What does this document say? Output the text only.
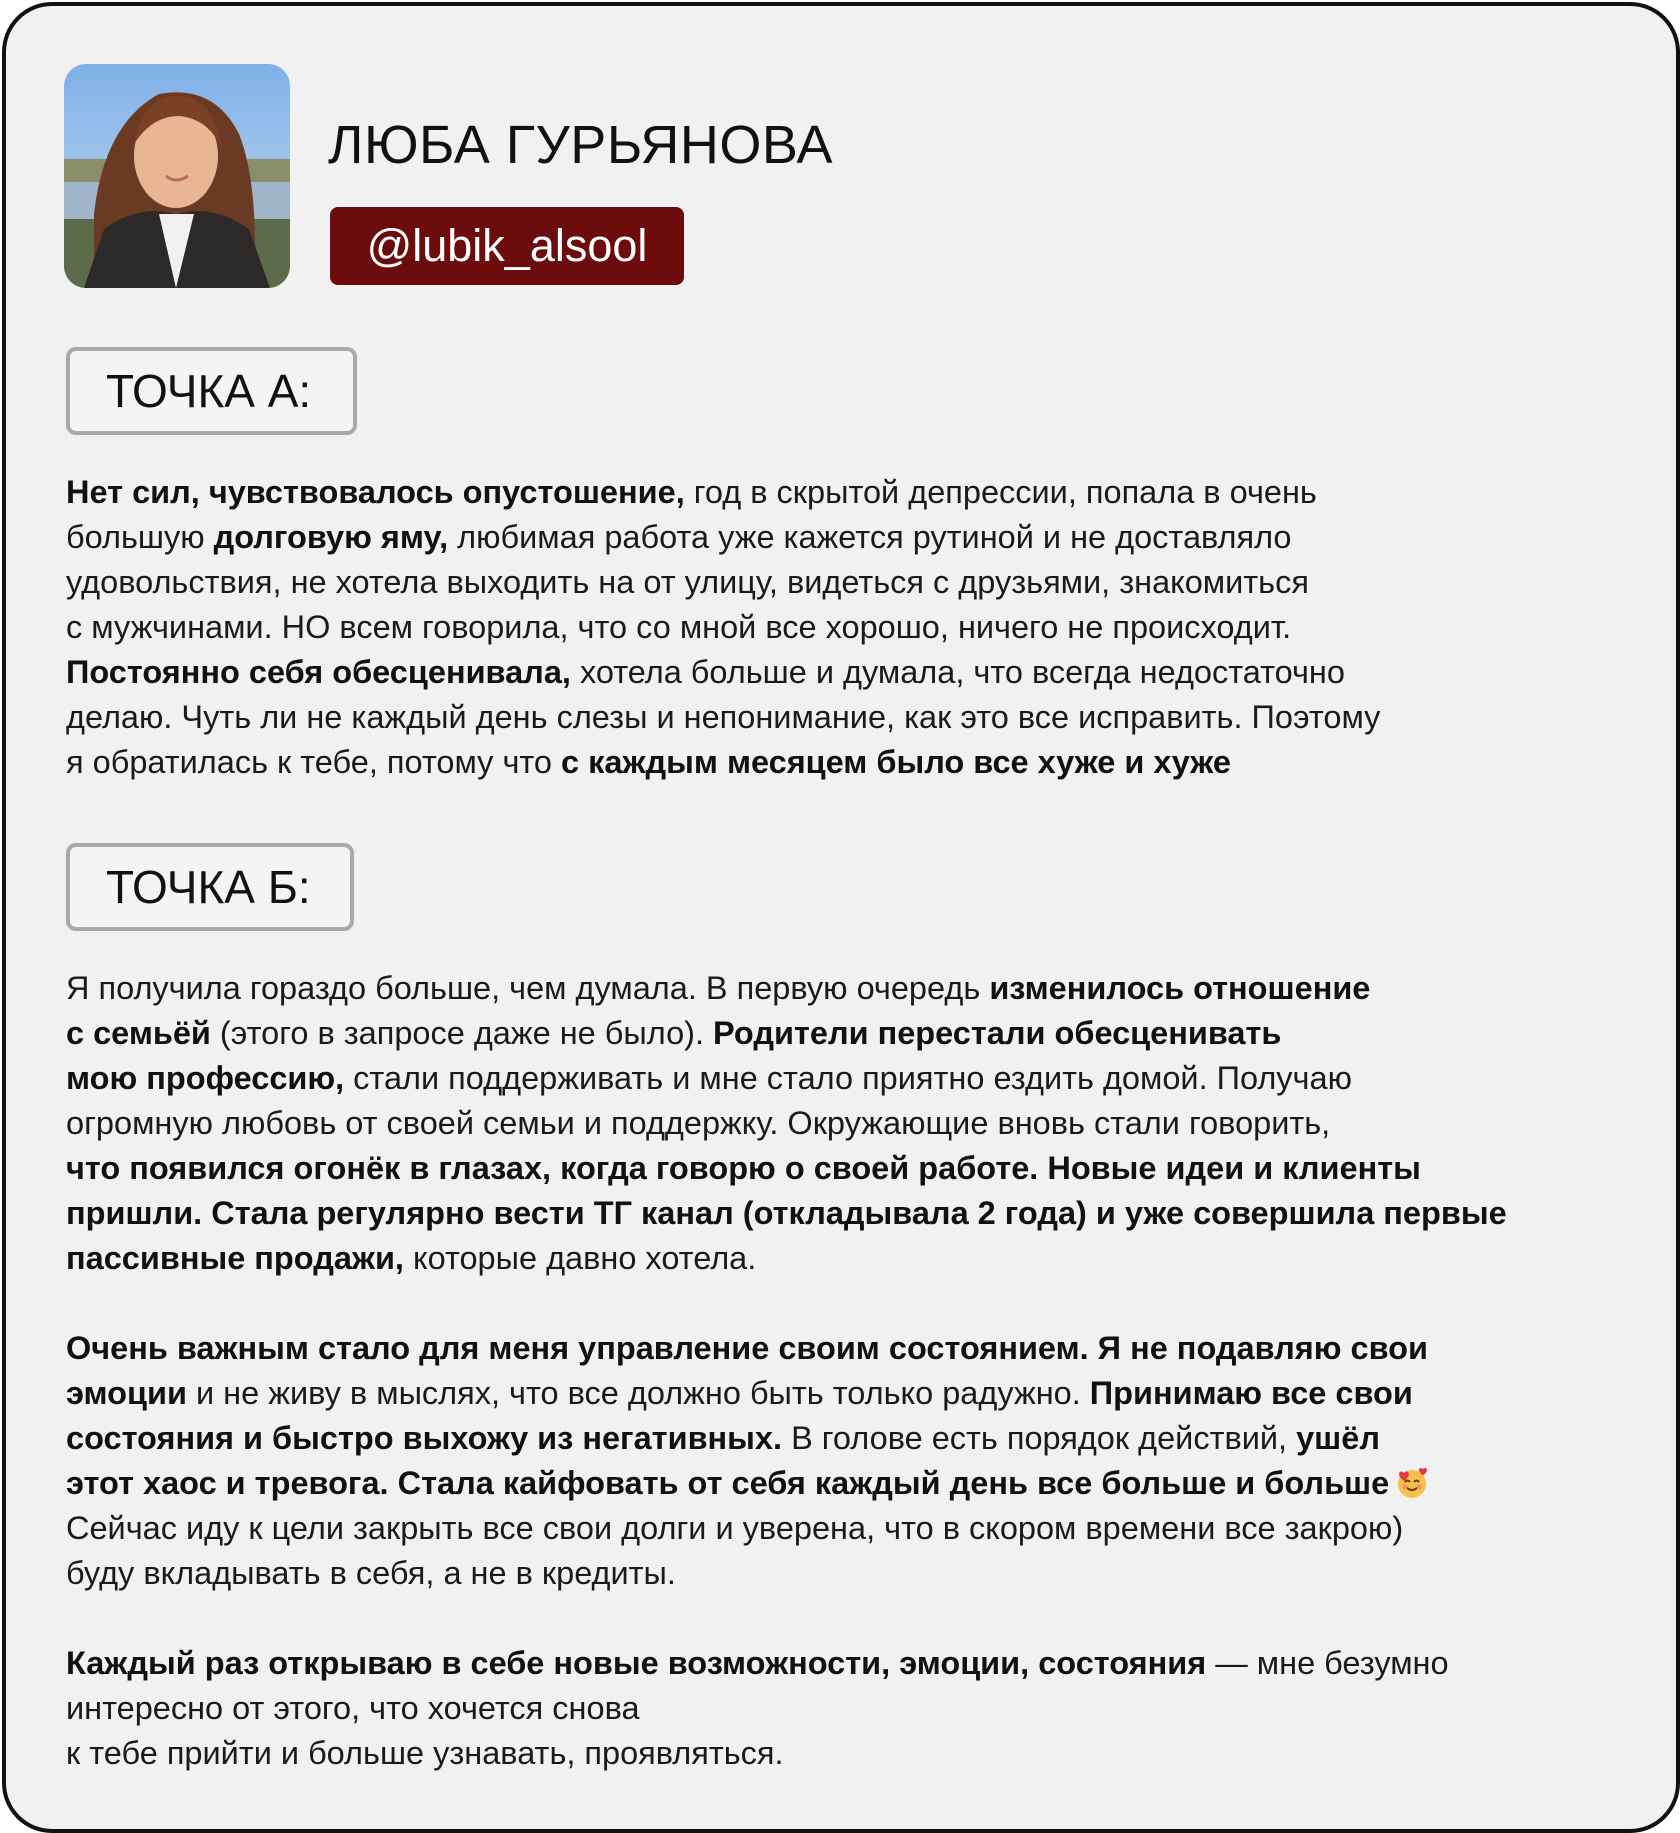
ЛЮБА ГУРЬЯНОВА
@lubik_alsool
ТОЧКА А:

Нет сил, чувствовалось опустошение, год в скрытой депрессии, попала в очень

большую долговую яму, любимая работа уже кажется рутиной и не доставляло

удовольствия, не хотела выходить на от улицу, видеться с друзьями, знакомиться

с мужчинами. НО всем говорила, что со мной все хорошо, ничего не происходит.

Постоянно себя обесценивала, хотела больше и думала, что всегда недостаточно

делаю. Чуть ли не каждый день слезы и непонимание, как это все исправить. Поэтому

я обратилась к тебе, потому что с каждым месяцем было все хуже и хуже

ТОЧКА Б:

Я получила гораздо больше, чем думала. В первую очередь изменилось отношение

с семьёй (этого в запросе даже не было). Родители перестали обесценивать

мою профессию, стали поддерживать и мне стало приятно ездить домой. Получаю

огромную любовь от своей семьи и поддержку. Окружающие вновь стали говорить,

что появился огонёк в глазах, когда говорю о своей работе. Новые идеи и клиенты

пришли. Стала регулярно вести ТГ канал (откладывала 2 года) и уже совершила первые

пассивные продажи, которые давно хотела.

Очень важным стало для меня управление своим состоянием. Я не подавляю свои

эмоции и не живу в мыслях, что все должно быть только радужно. Принимаю все свои

состояния и быстро выхожу из негативных. В голове есть порядок действий, ушёл

этот хаос и тревога. Стала кайфовать от себя каждый день все больше и больше

Сейчас иду к цели закрыть все свои долги и уверена, что в скором времени все закрою)

буду вкладывать в себя, а не в кредиты.

Каждый раз открываю в себе новые возможности, эмоции, состояния — мне безумно

интересно от этого, что хочется снова

к тебе прийти и больше узнавать, проявляться.
